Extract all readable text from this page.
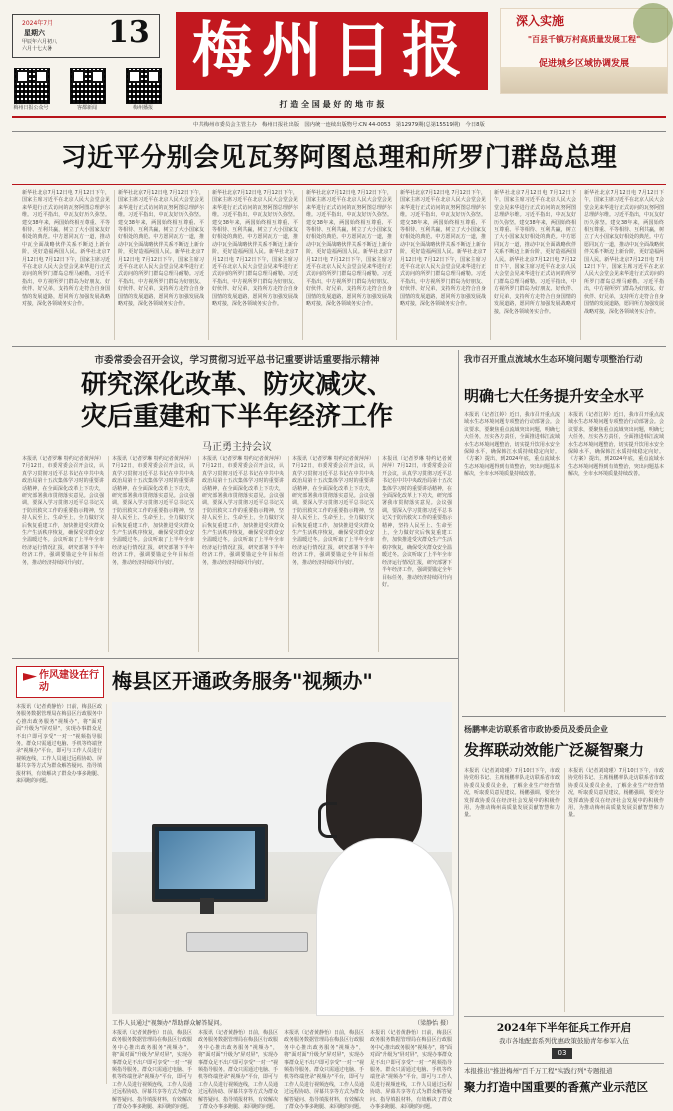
2024年7月
星期六
甲辰年六月初八
六月十七大暑 13
梅州日报公众号	客都新闻	梅州播报
梅州日报
打 造 全 国 最 好 的 地 市 报
深入实施
"百县千镇万村高质量发展工程"
促进城乡区域协调发展
中共梅州市委员会主管主办　梅州日报社出版　国内统一连续出版物号:CN 44-0053　第12979期(总第15519期)　今日8版
习近平分别会见瓦努阿图总理和所罗门群岛总理
新华社北京7月12日电 7月12日下午，国家主席习近平在北京人民大会堂会见来华进行正式访问的瓦努阿图总理萨尔维。习近平指出，中瓦友好历久弥坚。建交38年来，两国始终相互尊重、平等相待、互利共赢，树立了大小国家友好相处的典范。中方愿同瓦方一道，推动中瓦全面战略伙伴关系不断迈上新台阶，更好造福两国人民。新华社北京7月12日电 7月12日下午，国家主席习近平在北京人民大会堂会见来华进行正式访问的所罗门群岛总理马耐勒。习近平指出，中方视所罗门群岛为好朋友、好伙伴、好兄弟，支持所方走符合自身国情的发展道路，愿同所方加强发展战略对接，深化各领域务实合作。
新华社北京7月12日电 7月12日下午，国家主席习近平在北京人民大会堂会见来华进行正式访问的瓦努阿图总理萨尔维。习近平指出，中瓦友好历久弥坚。建交38年来，两国始终相互尊重、平等相待、互利共赢，树立了大小国家友好相处的典范。中方愿同瓦方一道，推动中瓦全面战略伙伴关系不断迈上新台阶，更好造福两国人民。新华社北京7月12日电 7月12日下午，国家主席习近平在北京人民大会堂会见来华进行正式访问的所罗门群岛总理马耐勒。习近平指出，中方视所罗门群岛为好朋友、好伙伴、好兄弟，支持所方走符合自身国情的发展道路，愿同所方加强发展战略对接，深化各领域务实合作。
新华社北京7月12日电 7月12日下午，国家主席习近平在北京人民大会堂会见来华进行正式访问的瓦努阿图总理萨尔维。习近平指出，中瓦友好历久弥坚。建交38年来，两国始终相互尊重、平等相待、互利共赢，树立了大小国家友好相处的典范。中方愿同瓦方一道，推动中瓦全面战略伙伴关系不断迈上新台阶，更好造福两国人民。新华社北京7月12日电 7月12日下午，国家主席习近平在北京人民大会堂会见来华进行正式访问的所罗门群岛总理马耐勒。习近平指出，中方视所罗门群岛为好朋友、好伙伴、好兄弟，支持所方走符合自身国情的发展道路，愿同所方加强发展战略对接，深化各领域务实合作。
新华社北京7月12日电 7月12日下午，国家主席习近平在北京人民大会堂会见来华进行正式访问的瓦努阿图总理萨尔维。习近平指出，中瓦友好历久弥坚。建交38年来，两国始终相互尊重、平等相待、互利共赢，树立了大小国家友好相处的典范。中方愿同瓦方一道，推动中瓦全面战略伙伴关系不断迈上新台阶，更好造福两国人民。新华社北京7月12日电 7月12日下午，国家主席习近平在北京人民大会堂会见来华进行正式访问的所罗门群岛总理马耐勒。习近平指出，中方视所罗门群岛为好朋友、好伙伴、好兄弟，支持所方走符合自身国情的发展道路，愿同所方加强发展战略对接，深化各领域务实合作。
新华社北京7月12日电 7月12日下午，国家主席习近平在北京人民大会堂会见来华进行正式访问的瓦努阿图总理萨尔维。习近平指出，中瓦友好历久弥坚。建交38年来，两国始终相互尊重、平等相待、互利共赢，树立了大小国家友好相处的典范。中方愿同瓦方一道，推动中瓦全面战略伙伴关系不断迈上新台阶，更好造福两国人民。新华社北京7月12日电 7月12日下午，国家主席习近平在北京人民大会堂会见来华进行正式访问的所罗门群岛总理马耐勒。习近平指出，中方视所罗门群岛为好朋友、好伙伴、好兄弟，支持所方走符合自身国情的发展道路，愿同所方加强发展战略对接，深化各领域务实合作。
新华社北京7月12日电 7月12日下午，国家主席习近平在北京人民大会堂会见来华进行正式访问的瓦努阿图总理萨尔维。习近平指出，中瓦友好历久弥坚。建交38年来，两国始终相互尊重、平等相待、互利共赢，树立了大小国家友好相处的典范。中方愿同瓦方一道，推动中瓦全面战略伙伴关系不断迈上新台阶，更好造福两国人民。新华社北京7月12日电 7月12日下午，国家主席习近平在北京人民大会堂会见来华进行正式访问的所罗门群岛总理马耐勒。习近平指出，中方视所罗门群岛为好朋友、好伙伴、好兄弟，支持所方走符合自身国情的发展道路，愿同所方加强发展战略对接，深化各领域务实合作。
新华社北京7月12日电 7月12日下午，国家主席习近平在北京人民大会堂会见来华进行正式访问的瓦努阿图总理萨尔维。习近平指出，中瓦友好历久弥坚。建交38年来，两国始终相互尊重、平等相待、互利共赢，树立了大小国家友好相处的典范。中方愿同瓦方一道，推动中瓦全面战略伙伴关系不断迈上新台阶，更好造福两国人民。新华社北京7月12日电 7月12日下午，国家主席习近平在北京人民大会堂会见来华进行正式访问的所罗门群岛总理马耐勒。习近平指出，中方视所罗门群岛为好朋友、好伙伴、好兄弟，支持所方走符合自身国情的发展道路，愿同所方加强发展战略对接，深化各领域务实合作。
市委常委会召开会议，学习贯彻习近平总书记重要讲话重要指示精神
研究深化改革、防灾减灾、
灾后重建和下半年经济工作
马正勇主持会议
本报讯（记者罗琳 特约记者黄萍萍）7月12日，市委常委会召开会议，认真学习贯彻习近平总书记在中共中央政治局第十五次集体学习时的重要讲话精神，在全面深化改革上下功夫，研究部署我市贯彻落实意见。会议强调，要深入学习贯彻习近平总书记关于防汛救灾工作的重要指示精神，坚持人民至上、生命至上，全力做好灾后恢复重建工作，加快推进受灾群众生产生活秩序恢复，确保受灾群众安全温暖过冬。会议听取了上半年全市经济运行情况汇报，研究部署下半年经济工作，强调要锚定全年目标任务，推动经济持续回升向好。
本报讯（记者罗琳 特约记者黄萍萍）7月12日，市委常委会召开会议，认真学习贯彻习近平总书记在中共中央政治局第十五次集体学习时的重要讲话精神，在全面深化改革上下功夫，研究部署我市贯彻落实意见。会议强调，要深入学习贯彻习近平总书记关于防汛救灾工作的重要指示精神，坚持人民至上、生命至上，全力做好灾后恢复重建工作，加快推进受灾群众生产生活秩序恢复，确保受灾群众安全温暖过冬。会议听取了上半年全市经济运行情况汇报，研究部署下半年经济工作，强调要锚定全年目标任务，推动经济持续回升向好。
本报讯（记者罗琳 特约记者黄萍萍）7月12日，市委常委会召开会议，认真学习贯彻习近平总书记在中共中央政治局第十五次集体学习时的重要讲话精神，在全面深化改革上下功夫，研究部署我市贯彻落实意见。会议强调，要深入学习贯彻习近平总书记关于防汛救灾工作的重要指示精神，坚持人民至上、生命至上，全力做好灾后恢复重建工作，加快推进受灾群众生产生活秩序恢复，确保受灾群众安全温暖过冬。会议听取了上半年全市经济运行情况汇报，研究部署下半年经济工作，强调要锚定全年目标任务，推动经济持续回升向好。
本报讯（记者罗琳 特约记者黄萍萍）7月12日，市委常委会召开会议，认真学习贯彻习近平总书记在中共中央政治局第十五次集体学习时的重要讲话精神，在全面深化改革上下功夫，研究部署我市贯彻落实意见。会议强调，要深入学习贯彻习近平总书记关于防汛救灾工作的重要指示精神，坚持人民至上、生命至上，全力做好灾后恢复重建工作，加快推进受灾群众生产生活秩序恢复，确保受灾群众安全温暖过冬。会议听取了上半年全市经济运行情况汇报，研究部署下半年经济工作，强调要锚定全年目标任务，推动经济持续回升向好。
本报讯（记者罗琳 特约记者黄萍萍）7月12日，市委常委会召开会议，认真学习贯彻习近平总书记在中共中央政治局第十五次集体学习时的重要讲话精神，在全面深化改革上下功夫，研究部署我市贯彻落实意见。会议强调，要深入学习贯彻习近平总书记关于防汛救灾工作的重要指示精神，坚持人民至上、生命至上，全力做好灾后恢复重建工作，加快推进受灾群众生产生活秩序恢复，确保受灾群众安全温暖过冬。会议听取了上半年全市经济运行情况汇报，研究部署下半年经济工作，强调要锚定全年目标任务，推动经济持续回升向好。
我市召开重点流域水生态环境问题专项整治行动
明确七大任务提升安全水平
本报讯（记者江婷）近日，我市召开重点流域水生态环境问题专项整治行动部署会。会议要求，要聚焦重点流域突出问题，明确七大任务，压实各方责任，全面推进韩江流域水生态环境问题整治，切实提升饮用水安全保障水平，确保韩江水质持续稳定向好。《方案》提出，到2024年底，重点流域水生态环境问题得到有效整治，突出问题基本解决，全市水环境质量持续改善。
本报讯（记者江婷）近日，我市召开重点流域水生态环境问题专项整治行动部署会。会议要求，要聚焦重点流域突出问题，明确七大任务，压实各方责任，全面推进韩江流域水生态环境问题整治，切实提升饮用水安全保障水平，确保韩江水质持续稳定向好。《方案》提出，到2024年底，重点流域水生态环境问题得到有效整治，突出问题基本解决，全市水环境质量持续改善。
作风建设在行动	梅县区开通政务服务"视频办"
本报讯（记者黄静怡）日前，梅县区政务服务数据管理局在梅县区行政服务中心推出政务服务"视频办"，将"面对面"升级为"屏对屏"，实现办事群众足不出户即可享受"一对一"视频指导服务。群众只需通过电脑、手机等终端登录"视频办"平台，即可与工作人员进行视频连线，工作人员通过远程协助、屏幕共享等方式为群众解答疑问、指导填报材料，有效解决了群众办事多跑腿、来回跑的问题。
工作人员通过"视频办"帮助群众解答疑问。	（梁静怡 摄）
本报讯（记者黄静怡）日前，梅县区政务服务数据管理局在梅县区行政服务中心推出政务服务"视频办"，将"面对面"升级为"屏对屏"，实现办事群众足不出户即可享受"一对一"视频指导服务。群众只需通过电脑、手机等终端登录"视频办"平台，即可与工作人员进行视频连线，工作人员通过远程协助、屏幕共享等方式为群众解答疑问、指导填报材料，有效解决了群众办事多跑腿、来回跑的问题。
本报讯（记者黄静怡）日前，梅县区政务服务数据管理局在梅县区行政服务中心推出政务服务"视频办"，将"面对面"升级为"屏对屏"，实现办事群众足不出户即可享受"一对一"视频指导服务。群众只需通过电脑、手机等终端登录"视频办"平台，即可与工作人员进行视频连线，工作人员通过远程协助、屏幕共享等方式为群众解答疑问、指导填报材料，有效解决了群众办事多跑腿、来回跑的问题。
本报讯（记者黄静怡）日前，梅县区政务服务数据管理局在梅县区行政服务中心推出政务服务"视频办"，将"面对面"升级为"屏对屏"，实现办事群众足不出户即可享受"一对一"视频指导服务。群众只需通过电脑、手机等终端登录"视频办"平台，即可与工作人员进行视频连线，工作人员通过远程协助、屏幕共享等方式为群众解答疑问、指导填报材料，有效解决了群众办事多跑腿、来回跑的问题。
本报讯（记者黄静怡）日前，梅县区政务服务数据管理局在梅县区行政服务中心推出政务服务"视频办"，将"面对面"升级为"屏对屏"，实现办事群众足不出户即可享受"一对一"视频指导服务。群众只需通过电脑、手机等终端登录"视频办"平台，即可与工作人员进行视频连线，工作人员通过远程协助、屏幕共享等方式为群众解答疑问、指导填报材料，有效解决了群众办事多跑腿、来回跑的问题。
杨鹏率走访联系省市政协委员及委员企业
发挥联动效能广泛凝智聚力
本报讯（记者刘琦瑾）7月10日下午，市政协党组书记、主席杨鹏率队走访联系省市政协委员及委员企业，了解企业生产经营情况，听取委员意见建议。杨鹏强调，要充分发挥政协委员在经济社会发展中的积极作用，为推动梅州高质量发展贡献智慧和力量。
本报讯（记者刘琦瑾）7月10日下午，市政协党组书记、主席杨鹏率队走访联系省市政协委员及委员企业，了解企业生产经营情况，听取委员意见建议。杨鹏强调，要充分发挥政协委员在经济社会发展中的积极作用，为推动梅州高质量发展贡献智慧和力量。
2024年下半年征兵工作开启
我市各地配套系列优惠政策鼓励青年参军入伍
03
本报推出"推进梅州"百千万工程"实践行列"专题报道
聚力打造中国重要的香蕉产业示范区
